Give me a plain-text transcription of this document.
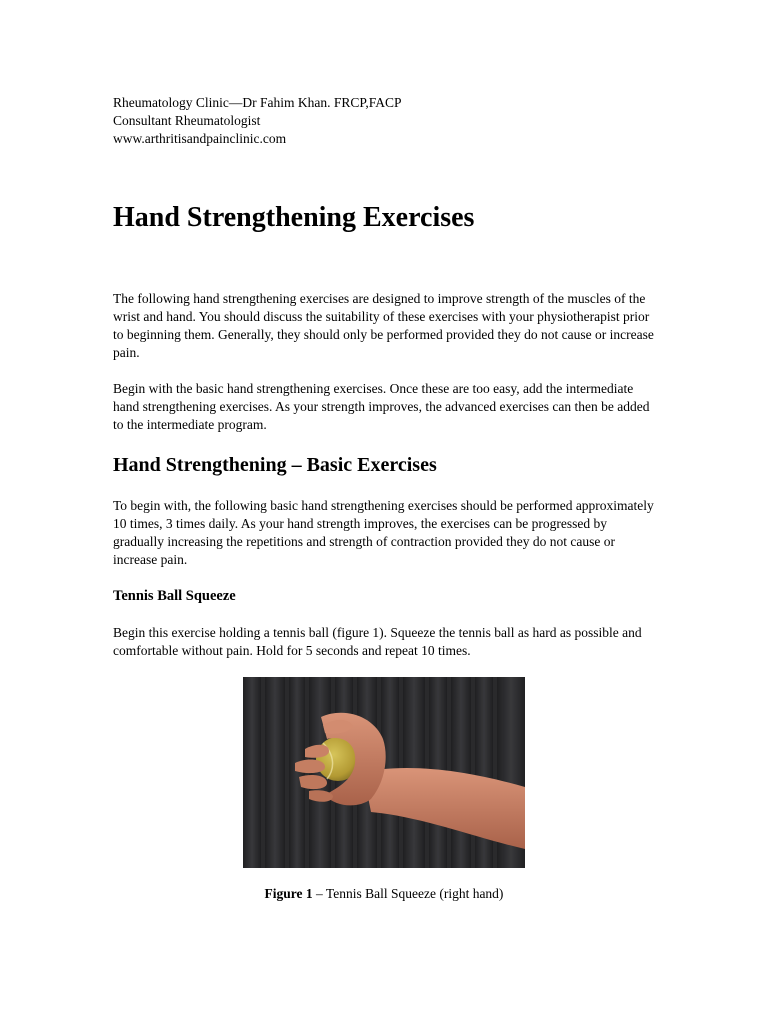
Rheumatology Clinic—Dr Fahim Khan. FRCP,FACP
Consultant Rheumatologist
www.arthritisandpainclinic.com
Hand Strengthening Exercises

The following hand strengthening exercises are designed to improve strength of the muscles of the wrist and hand. You should discuss the suitability of these exercises with your physiotherapist prior to beginning them. Generally, they should only be performed provided they do not cause or increase pain.

Begin with the basic hand strengthening exercises. Once these are too easy, add the intermediate hand strengthening exercises. As your strength improves, the advanced exercises can then be added to the intermediate program.

Hand Strengthening – Basic Exercises

To begin with, the following basic hand strengthening exercises should be performed approximately 10 times, 3 times daily. As your hand strength improves, the exercises can be progressed by gradually increasing the repetitions and strength of contraction provided they do not cause or increase pain.

Tennis Ball Squeeze

Begin this exercise holding a tennis ball (figure 1). Squeeze the tennis ball as hard as possible and comfortable without pain. Hold for 5 seconds and repeat 10 times.

Figure 1 – Tennis Ball Squeeze (right hand)
